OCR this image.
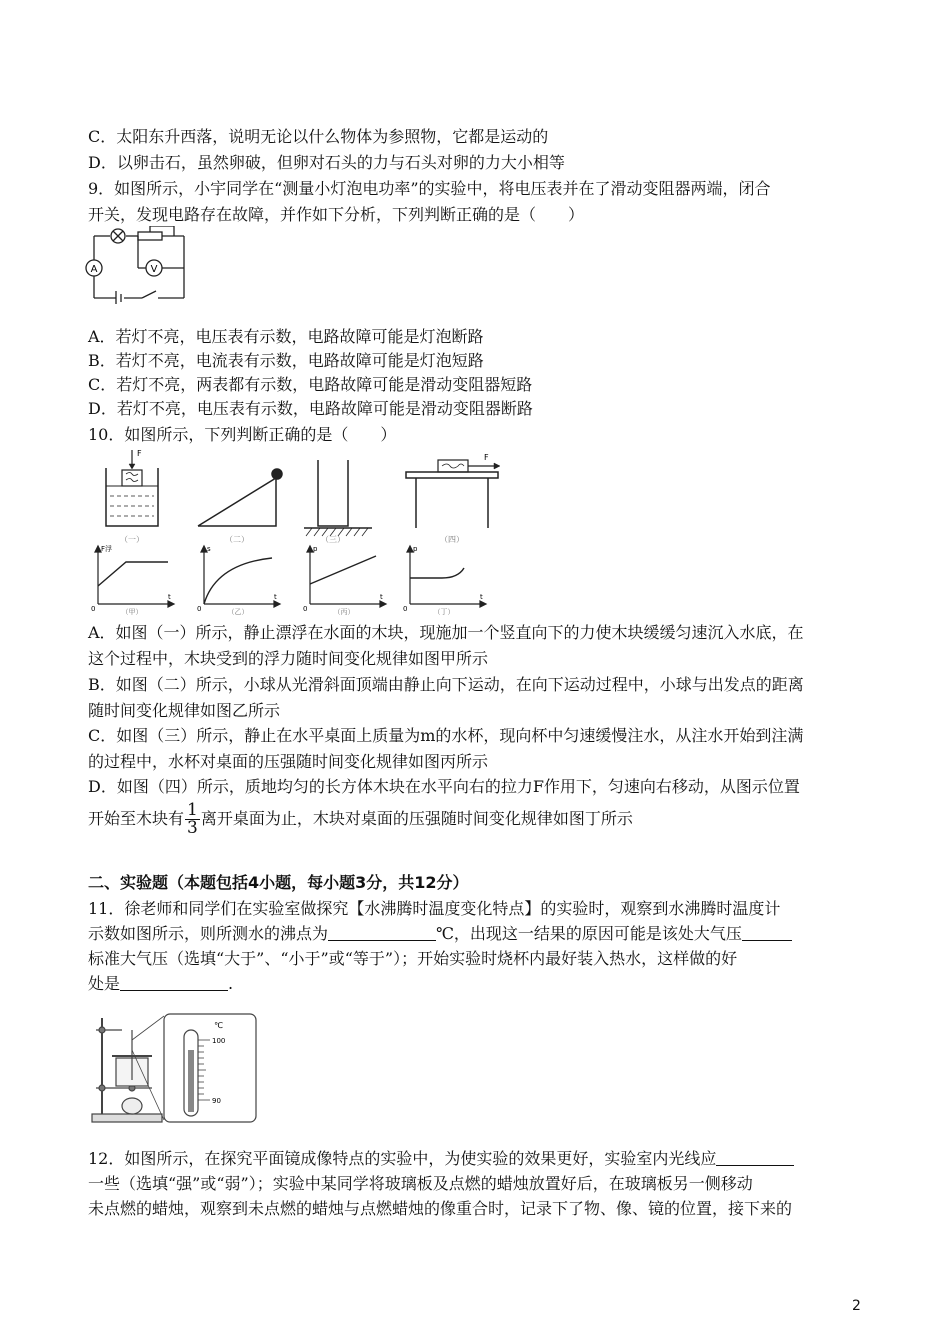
C．太阳东升西落，说明无论以什么物体为参照物，它都是运动的
D．以卵击石，虽然卵破，但卵对石头的力与石头对卵的力大小相等
9．如图所示，小宇同学在“测量小灯泡电功率”的实验中，将电压表并在了滑动变阻器两端，闭合
开关，发现电路存在故障，并作如下分析，下列判断正确的是（　　）
A	V
A．若灯不亮，电压表有示数，电路故障可能是灯泡断路
B．若灯不亮，电流表有示数，电路故障可能是灯泡短路
C．若灯不亮，两表都有示数，电路故障可能是滑动变阻器短路
D．若灯不亮，电压表有示数，电路故障可能是滑动变阻器断路
10．如图所示，下列判断正确的是（　　）
F	F
（一）	（二）	（三）	（四）
F浮	s	p	p
t	t	t	t
0	0	0	0
（甲）	（乙）	（丙）	（丁）
A．如图（一）所示，静止漂浮在水面的木块，现施加一个竖直向下的力使木块缓缓匀速沉入水底，在
这个过程中，木块受到的浮力随时间变化规律如图甲所示
B．如图（二）所示，小球从光滑斜面顶端由静止向下运动，在向下运动过程中，小球与出发点的距离
随时间变化规律如图乙所示
C．如图（三）所示，静止在水平桌面上质量为m的水杯，现向杯中匀速缓慢注水，从注水开始到注满
的过程中，水杯对桌面的压强随时间变化规律如图丙所示
D．如图（四）所示，质地均匀的长方体木块在水平向右的拉力F作用下，匀速向右移动，从图示位置
开始至木块有 $\frac{1}{3}$ 离开桌面为止，木块对桌面的压强随时间变化规律如图丁所示
二、实验题（本题包括4小题，每小题3分，共12分）
11．徐老师和同学们在实验室做探究【水沸腾时温度变化特点】的实验时，观察到水沸腾时温度计
示数如图所示，则所测水的沸点为	℃，出现这一结果的原因可能是该处大气压
标准大气压（选填“大于”、“小于”或“等于”）；开始实验时烧杯内最好装入热水，这样做的好
处是	.
℃
100
90
12．如图所示，在探究平面镜成像特点的实验中，为使实验的效果更好，实验室内光线应
一些（选填“强”或“弱”）；实验中某同学将玻璃板及点燃的蜡烛放置好后，在玻璃板另一侧移动
未点燃的蜡烛，观察到未点燃的蜡烛与点燃蜡烛的像重合时，记录下了物、像、镜的位置，接下来的
2
